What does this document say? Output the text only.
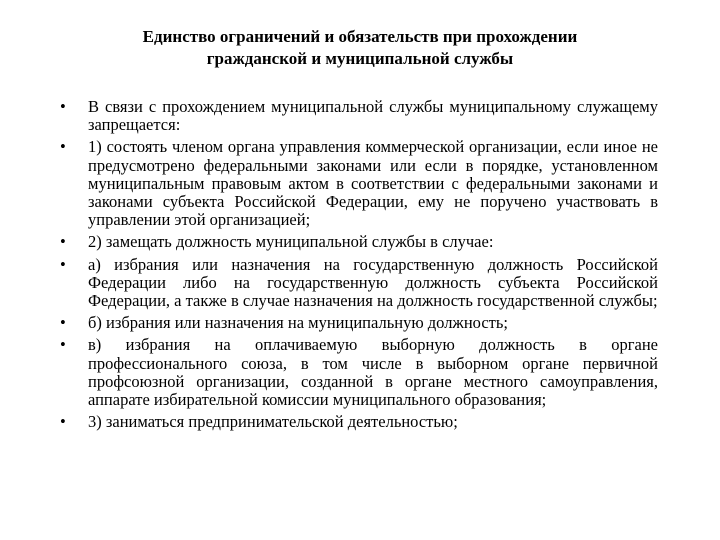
Единство ограничений и обязательств при прохождении
гражданской и муниципальной службы
•	В связи с прохождением муниципальной службы муниципальному служащему запрещается:
•	1) состоять членом органа управления коммерческой организации, если иное не предусмотрено федеральными законами или если в порядке, установленном муниципальным правовым актом в соответствии с федеральными законами и законами субъекта Российской Федерации, ему не поручено участвовать в управлении этой организацией;
•	2) замещать должность муниципальной службы в случае:
•	а) избрания или назначения на государственную должность Российской Федерации либо на государственную должность субъекта Российской Федерации, а также в случае назначения на должность государственной службы;
•	б) избрания или назначения на муниципальную должность;
•	в) избрания на оплачиваемую выборную должность в органе профессионального союза, в том числе в выборном органе первичной профсоюзной организации, созданной в органе местного самоуправления, аппарате избирательной комиссии муниципального образования;
•	3) заниматься предпринимательской деятельностью;
